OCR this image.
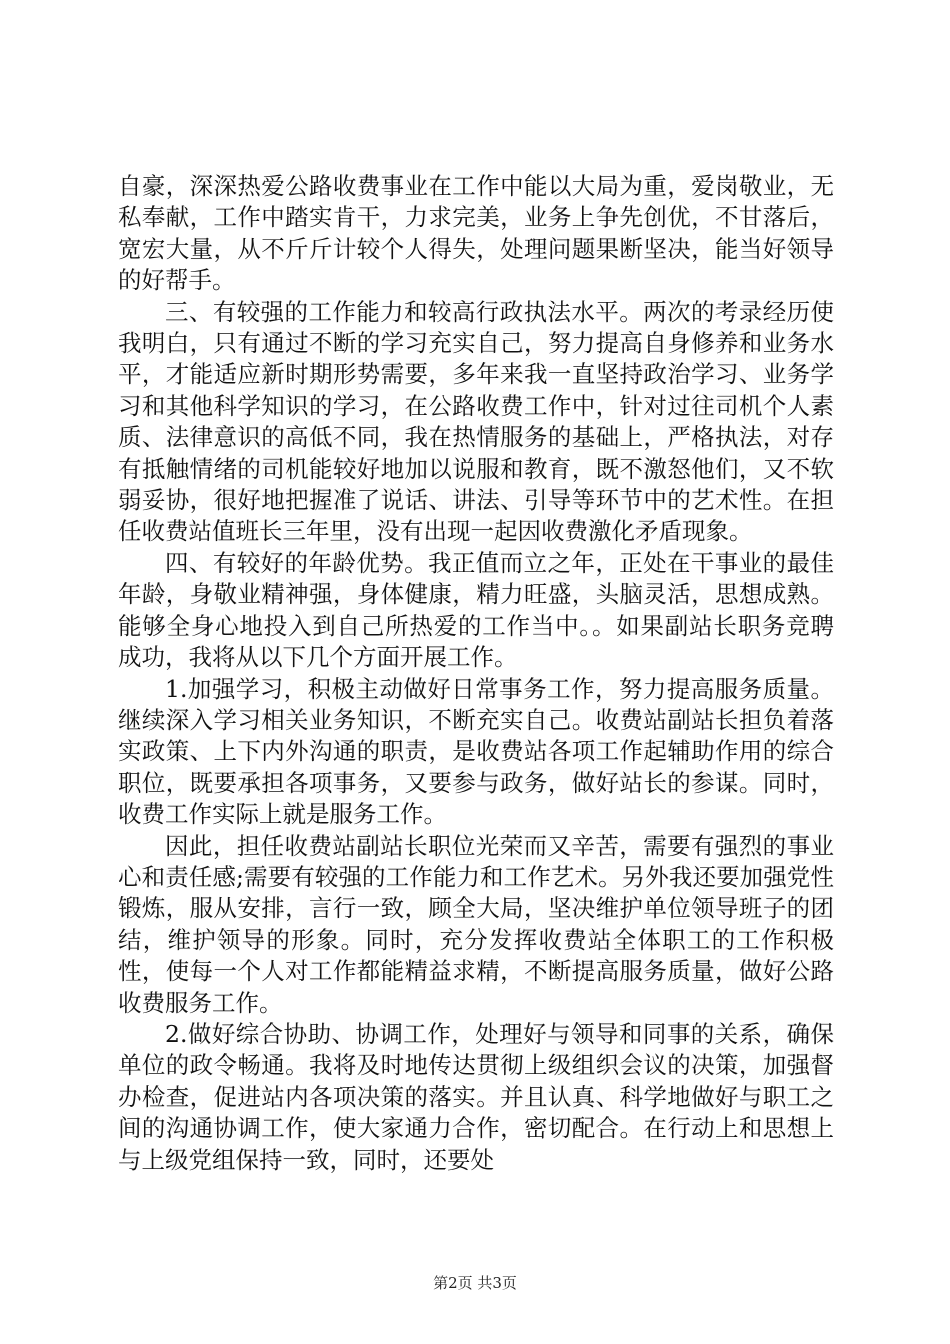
自豪，深深热爱公路收费事业在工作中能以大局为重，爱岗敬业，无私奉献，工作中踏实肯干，力求完美，业务上争先创优，不甘落后，宽宏大量，从不斤斤计较个人得失，处理问题果断坚决，能当好领导的好帮手。

三、有较强的工作能力和较高行政执法水平。两次的考录经历使我明白，只有通过不断的学习充实自己，努力提高自身修养和业务水平，才能适应新时期形势需要，多年来我一直坚持政治学习、业务学习和其他科学知识的学习，在公路收费工作中，针对过往司机个人素质、法律意识的高低不同，我在热情服务的基础上，严格执法，对存有抵触情绪的司机能较好地加以说服和教育，既不激怒他们，又不软弱妥协，很好地把握准了说话、讲法、引导等环节中的艺术性。在担任收费站值班长三年里，没有出现一起因收费激化矛盾现象。

四、有较好的年龄优势。我正值而立之年，正处在干事业的最佳年龄，身敬业精神强，身体健康，精力旺盛，头脑灵活，思想成熟。能够全身心地投入到自己所热爱的工作当中。。如果副站长职务竞聘成功，我将从以下几个方面开展工作。

1.加强学习，积极主动做好日常事务工作，努力提高服务质量。继续深入学习相关业务知识，不断充实自己。收费站副站长担负着落实政策、上下内外沟通的职责，是收费站各项工作起辅助作用的综合职位，既要承担各项事务，又要参与政务，做好站长的参谋。同时，收费工作实际上就是服务工作。

因此，担任收费站副站长职位光荣而又辛苦，需要有强烈的事业心和责任感;需要有较强的工作能力和工作艺术。另外我还要加强党性锻炼，服从安排，言行一致，顾全大局，坚决维护单位领导班子的团结，维护领导的形象。同时，充分发挥收费站全体职工的工作积极性，使每一个人对工作都能精益求精，不断提高服务质量，做好公路收费服务工作。

2.做好综合协助、协调工作，处理好与领导和同事的关系，确保单位的政令畅通。我将及时地传达贯彻上级组织会议的决策，加强督办检查，促进站内各项决策的落实。并且认真、科学地做好与职工之间的沟通协调工作，使大家通力合作，密切配合。在行动上和思想上与上级党组保持一致，同时，还要处

第2页 共3页
